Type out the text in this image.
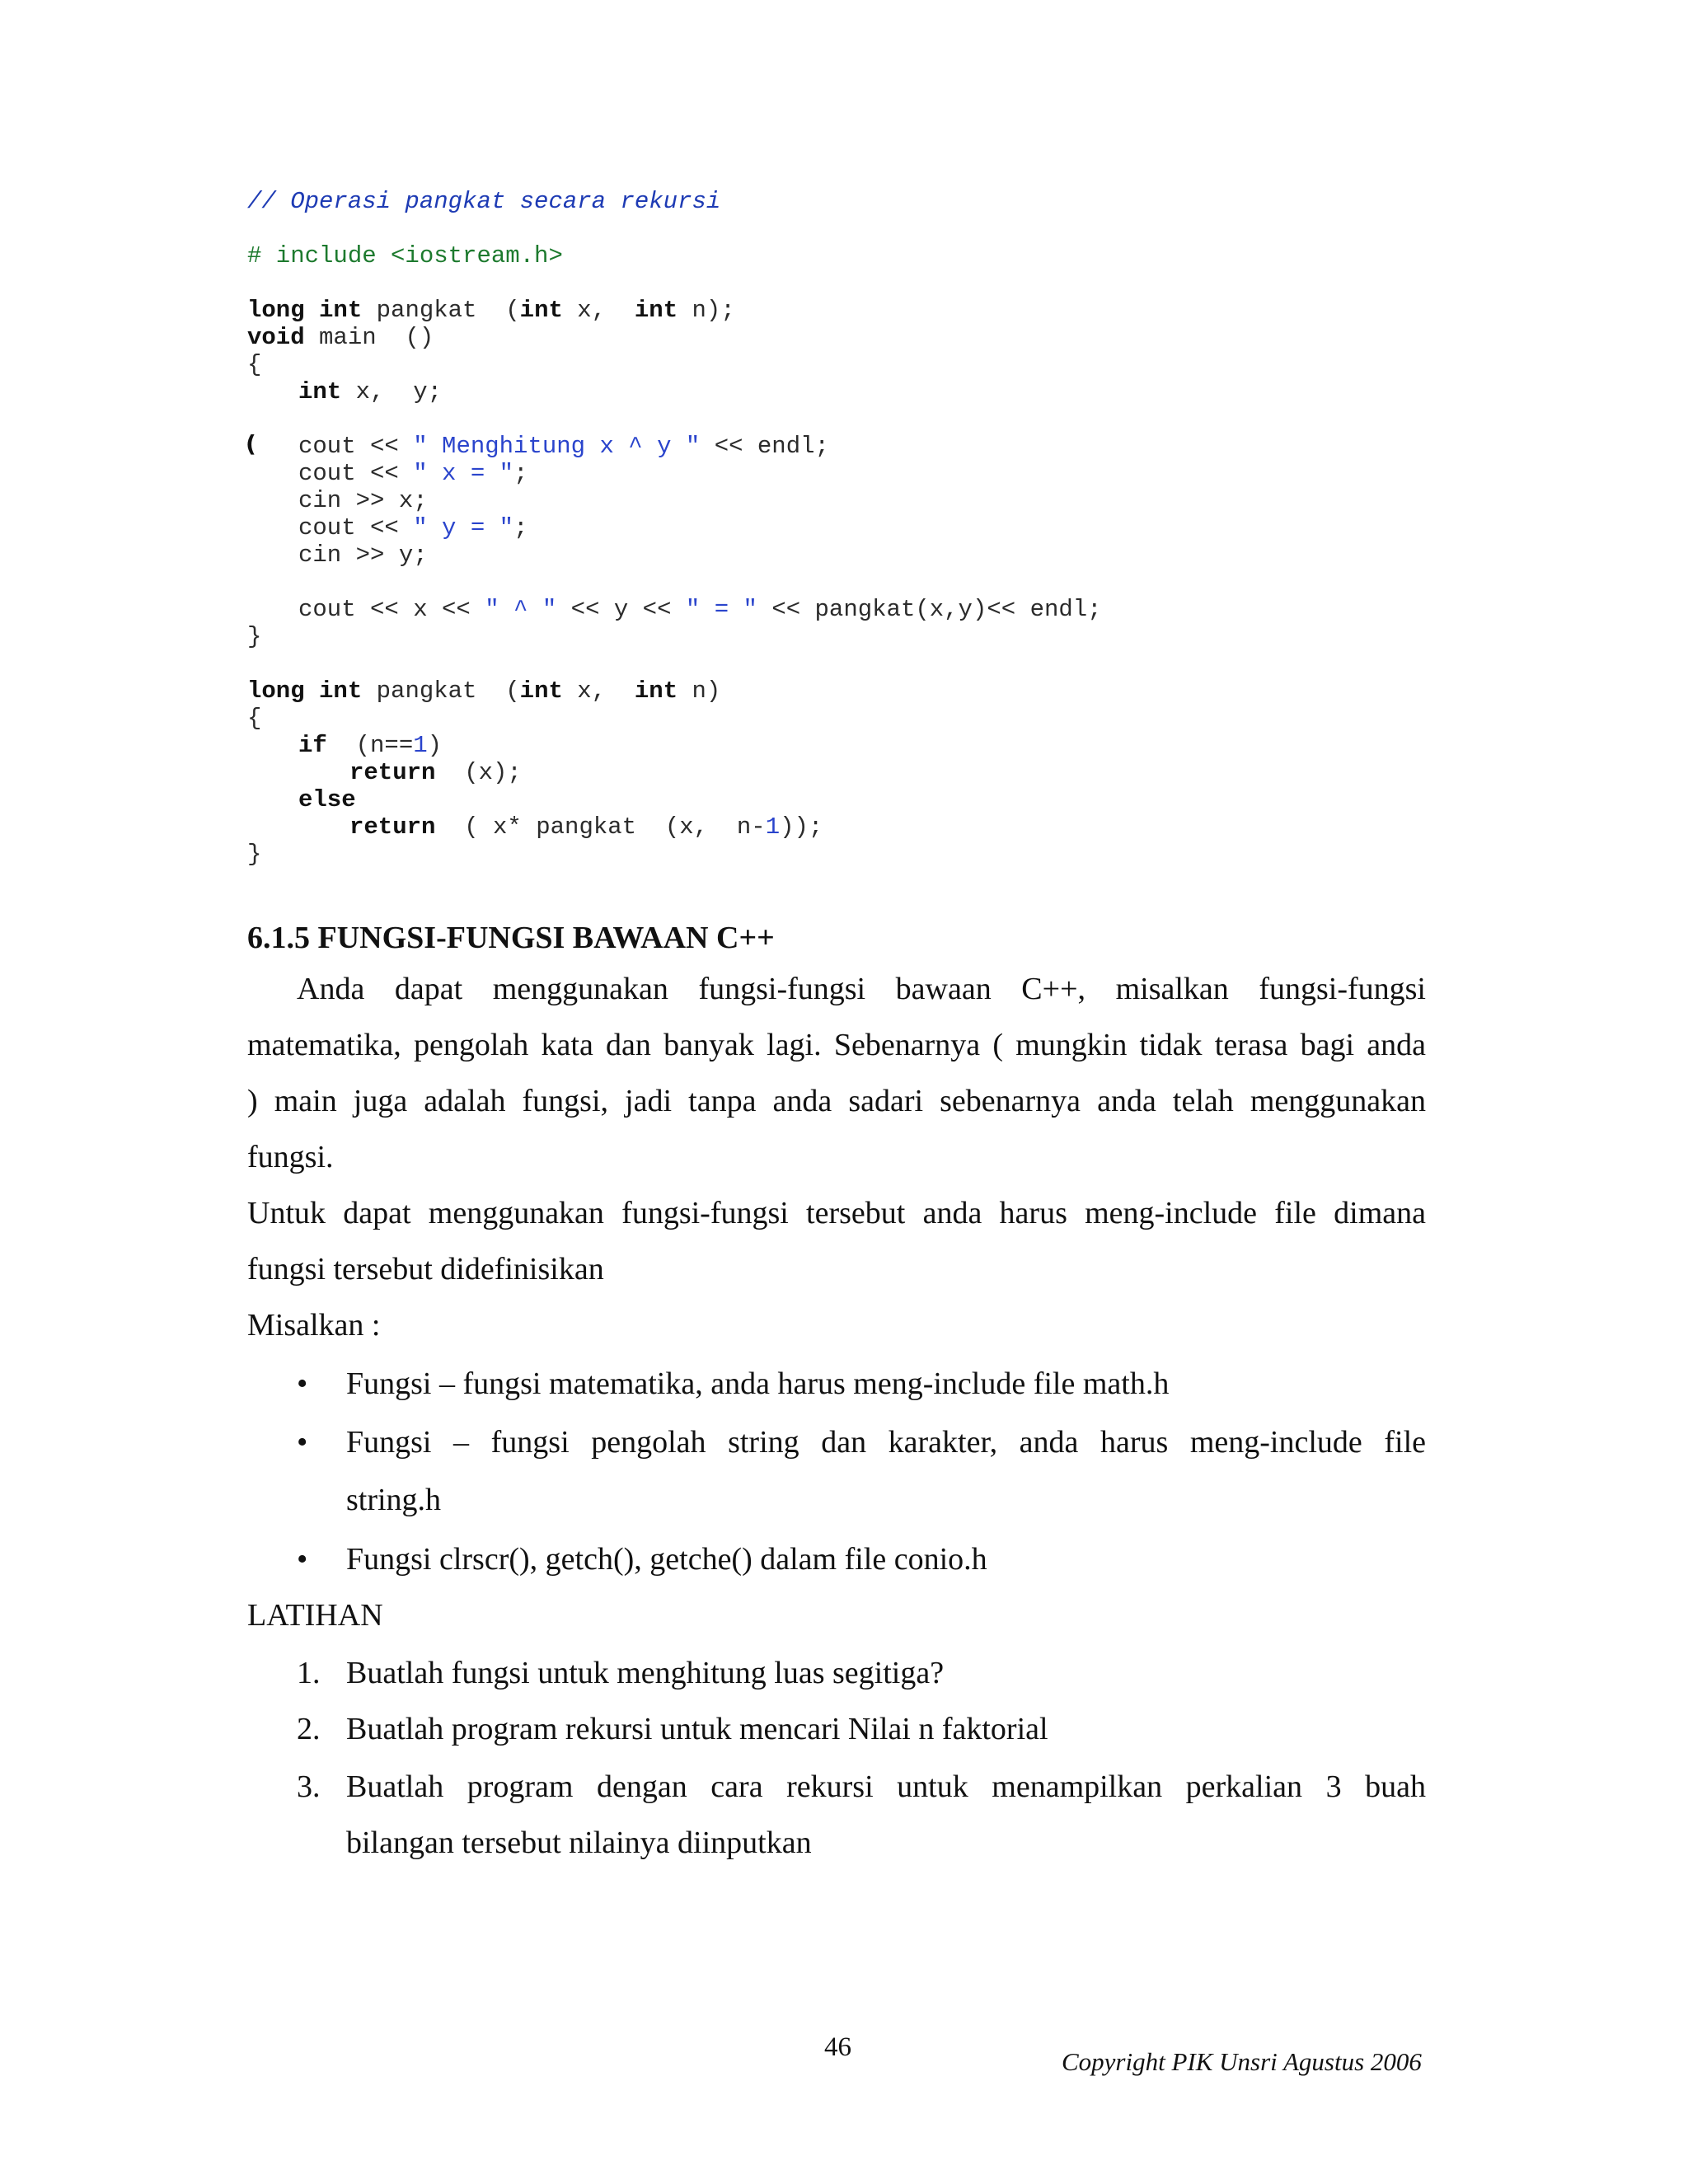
// Operasi pangkat secara rekursi
# include <iostream.h>
long int pangkat  (int x,  int n);
void main  ()
{
int x,  y;
cout << " Menghitung x ^ y " << endl;
cout << " x = ";
cin >> x;
cout << " y = ";
cin >> y;
cout << x << " ^ " << y << " = " << pangkat(x,y)<< endl;
}
long int pangkat  (int x,  int n)
{
if  (n==1)
return  (x);
else
return  ( x* pangkat  (x,  n-1));
}
(
6.1.5 FUNGSI-FUNGSI BAWAAN C++
Anda dapat menggunakan fungsi-fungsi bawaan C++, misalkan fungsi-fungsi
matematika, pengolah kata dan banyak lagi. Sebenarnya ( mungkin tidak terasa bagi anda
) main juga adalah fungsi, jadi tanpa anda sadari sebenarnya anda telah menggunakan
fungsi.
Untuk dapat menggunakan fungsi-fungsi tersebut anda harus meng-include file dimana
fungsi tersebut didefinisikan
Misalkan :
• Fungsi – fungsi matematika, anda harus meng-include file math.h
• Fungsi – fungsi pengolah string dan karakter, anda harus meng-include file
string.h
• Fungsi clrscr(), getch(), getche() dalam file conio.h
LATIHAN
1. Buatlah fungsi untuk menghitung luas segitiga?
2. Buatlah program rekursi untuk mencari Nilai n faktorial
3. Buatlah program dengan cara rekursi untuk menampilkan perkalian 3 buah
bilangan tersebut nilainya diinputkan
46	Copyright PIK Unsri Agustus 2006
